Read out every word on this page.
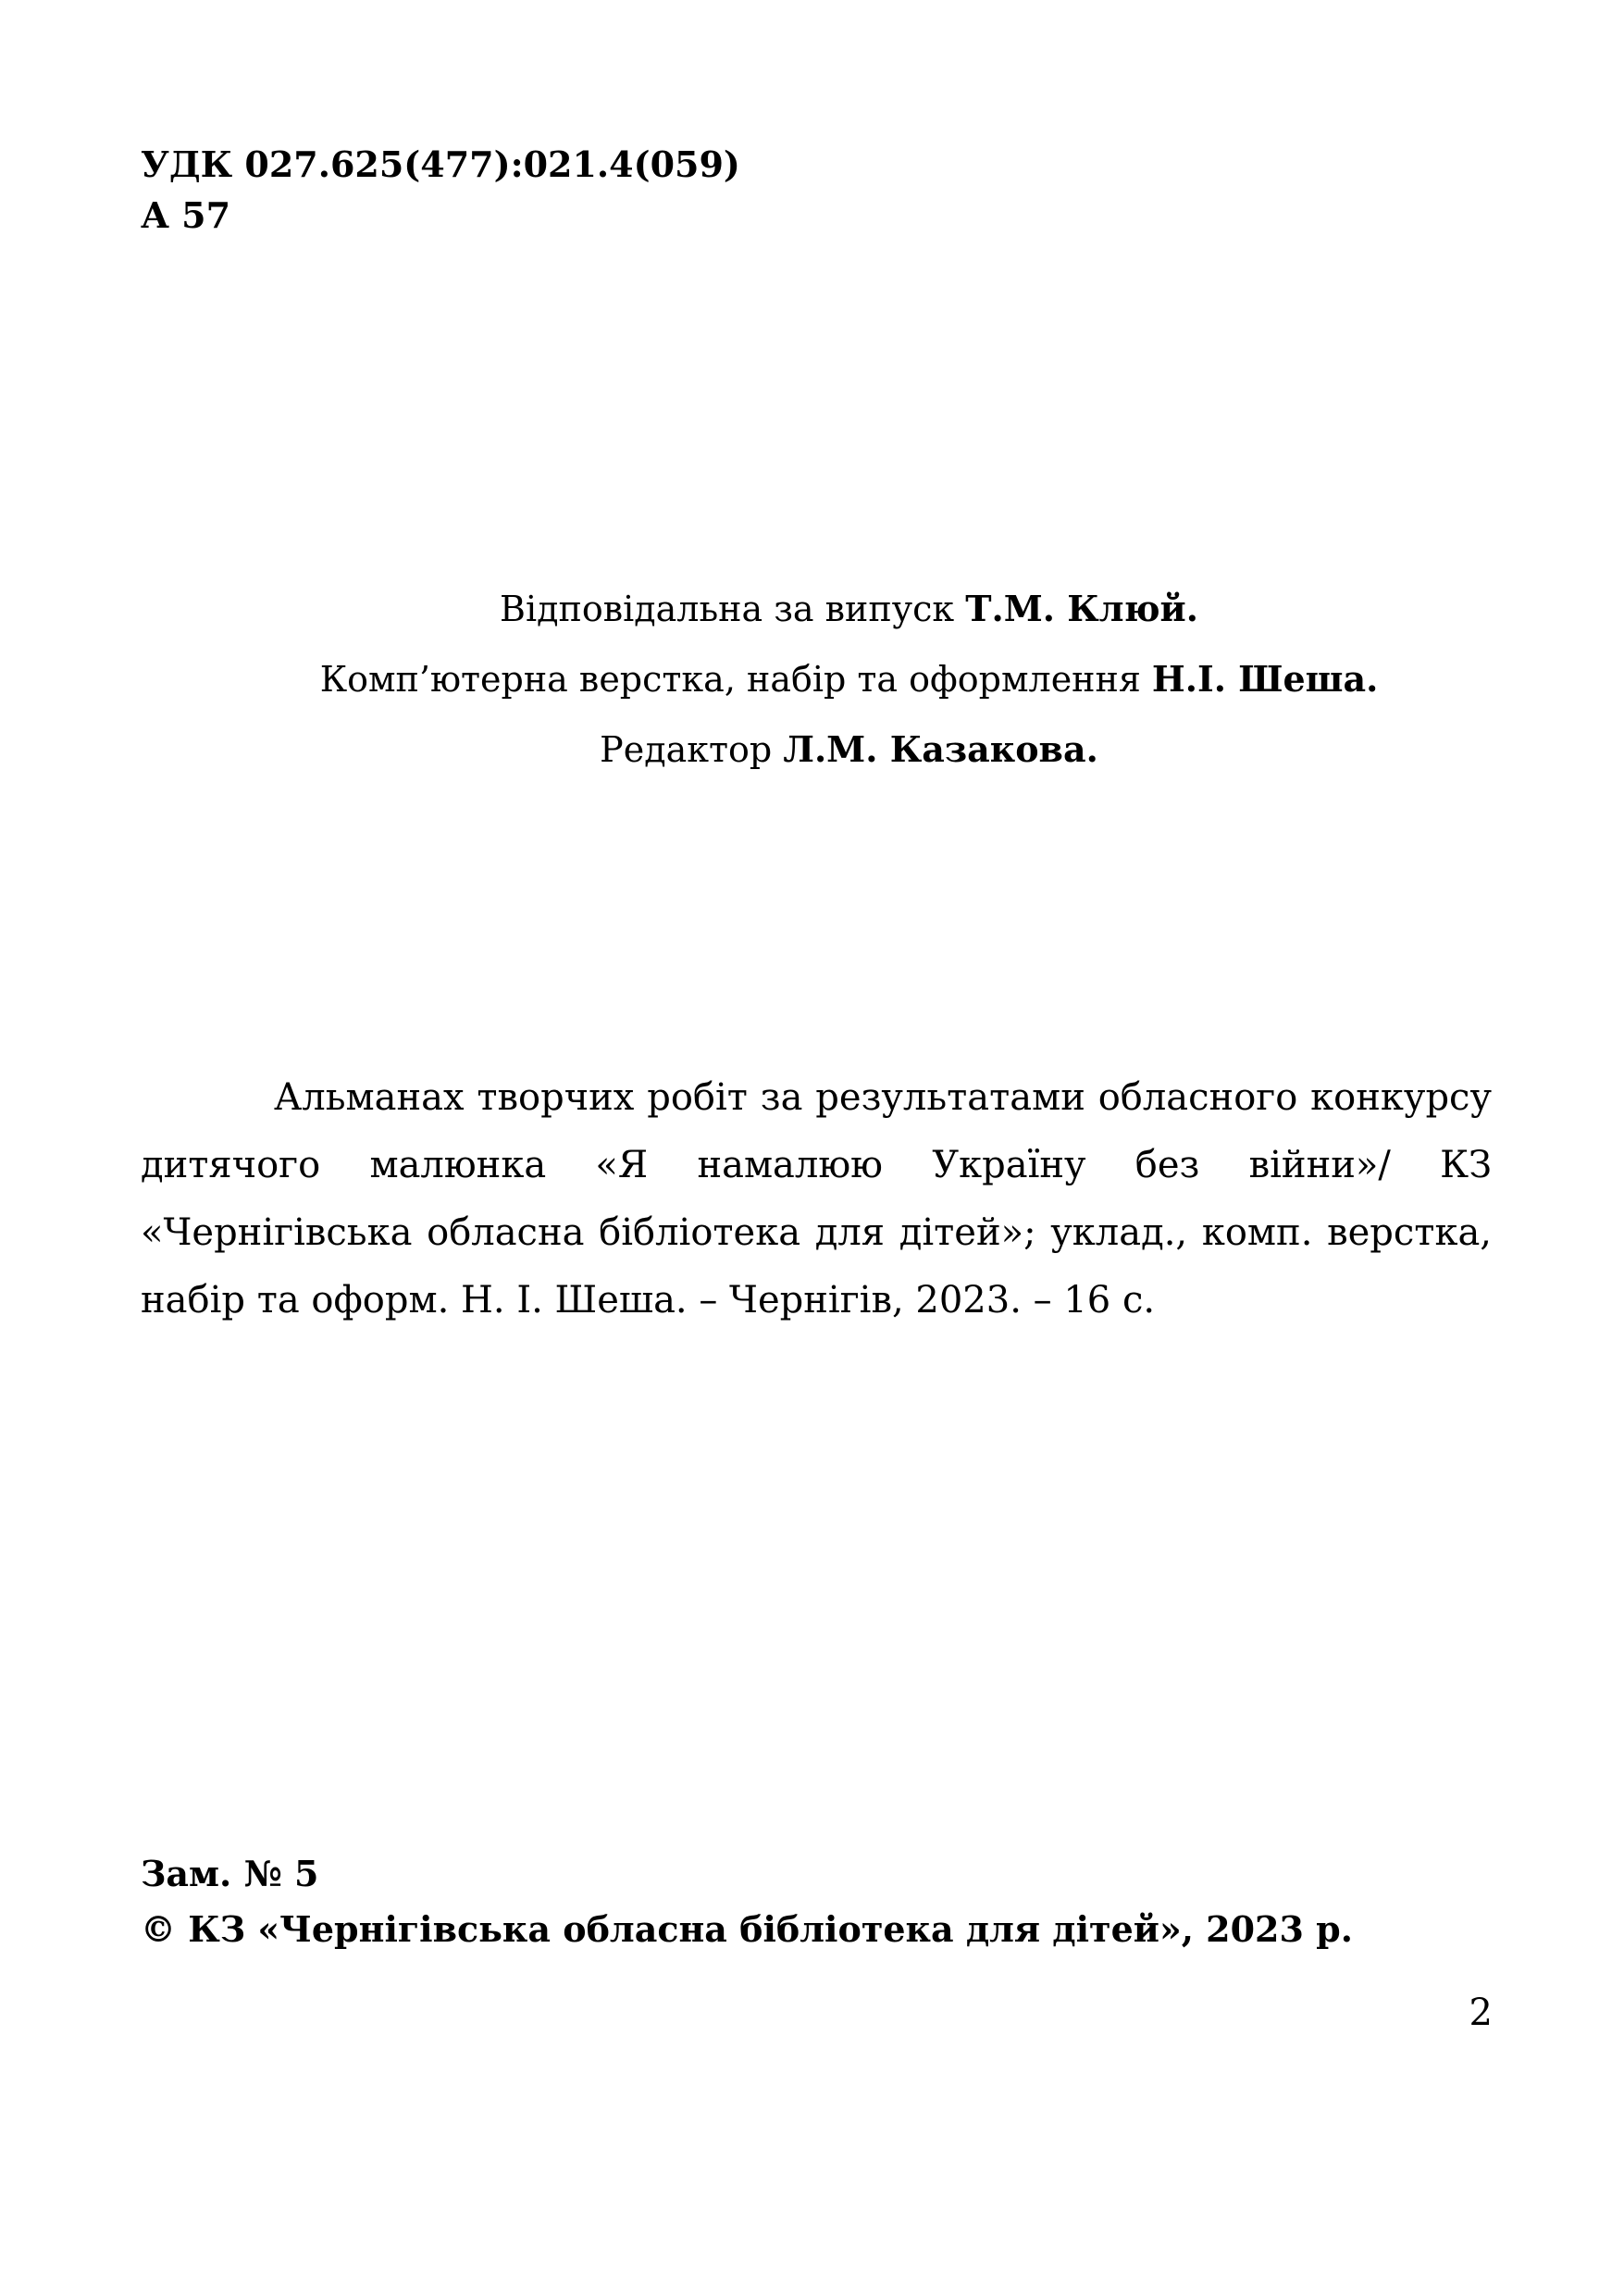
УДК 027.625(477):021.4(059)
А 57
Відповідальна за випуск Т.М. Клюй.
Комп’ютерна верстка, набір та оформлення Н.І. Шеша.
Редактор Л.М. Казакова.

Альманах творчих робіт за результатами обласного конкурсу дитячого малюнка «Я намалюю Україну без війни»/ КЗ «Чернігівська обласна бібліотека для дітей»; уклад., комп. верстка, набір та оформ. Н. І. Шеша. – Чернігів, 2023. – 16 с.

Зам. № 5
© КЗ «Чернігівська обласна бібліотека для дітей», 2023 р.
2
